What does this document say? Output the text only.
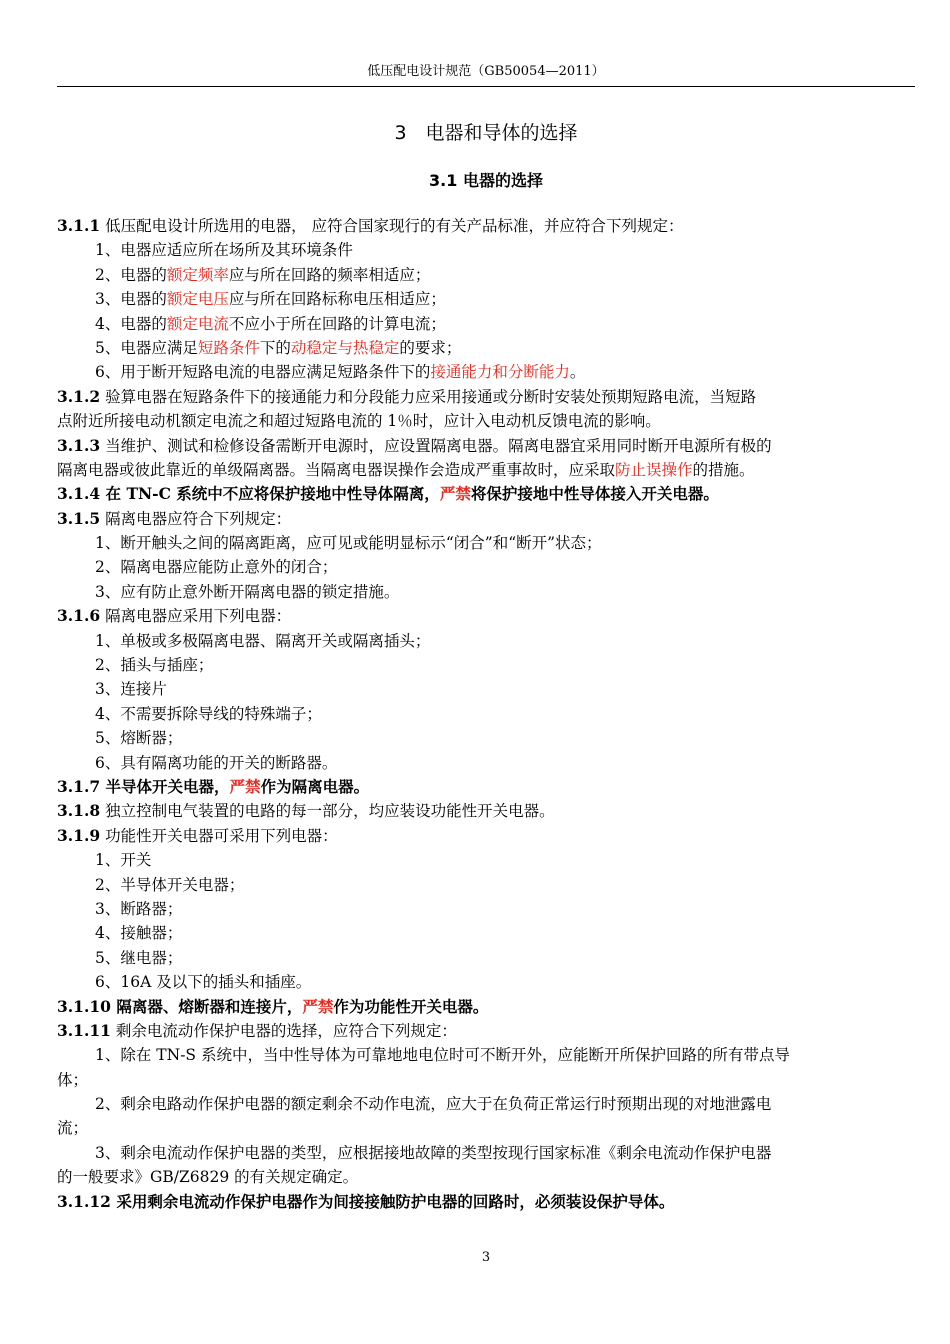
低压配电设计规范（GB50054—2011）
3　电器和导体的选择
3.1 电器的选择
3.1.1 低压配电设计所选用的电器， 应符合国家现行的有关产品标准，并应符合下列规定：
1、电器应适应所在场所及其环境条件
2、电器的额定频率应与所在回路的频率相适应；
3、电器的额定电压应与所在回路标称电压相适应；
4、电器的额定电流不应小于所在回路的计算电流；
5、电器应满足短路条件下的动稳定与热稳定的要求；
6、用于断开短路电流的电器应满足短路条件下的接通能力和分断能力。
3.1.2 验算电器在短路条件下的接通能力和分段能力应采用接通或分断时安装处预期短路电流，当短路
点附近所接电动机额定电流之和超过短路电流的 1％时，应计入电动机反馈电流的影响。
3.1.3 当维护、测试和检修设备需断开电源时，应设置隔离电器。隔离电器宜采用同时断开电源所有极的
隔离电器或彼此靠近的单级隔离器。当隔离电器误操作会造成严重事故时，应采取防止误操作的措施。
3.1.4 在 TN-C 系统中不应将保护接地中性导体隔离，严禁将保护接地中性导体接入开关电器。
3.1.5 隔离电器应符合下列规定：
1、断开触头之间的隔离距离，应可见或能明显标示“闭合”和“断开”状态；
2、隔离电器应能防止意外的闭合；
3、应有防止意外断开隔离电器的锁定措施。
3.1.6 隔离电器应采用下列电器：
1、单极或多极隔离电器、隔离开关或隔离插头；
2、插头与插座；
3、连接片
4、不需要拆除导线的特殊端子；
5、熔断器；
6、具有隔离功能的开关的断路器。
3.1.7 半导体开关电器，严禁作为隔离电器。
3.1.8 独立控制电气装置的电路的每一部分，均应装设功能性开关电器。
3.1.9 功能性开关电器可采用下列电器：
1、开关
2、半导体开关电器；
3、断路器；
4、接触器；
5、继电器；
6、16A 及以下的插头和插座。
3.1.10 隔离器、熔断器和连接片，严禁作为功能性开关电器。
3.1.11 剩余电流动作保护电器的选择，应符合下列规定：
1、除在 TN-S 系统中，当中性导体为可靠地地电位时可不断开外，应能断开所保护回路的所有带点导
体；
2、剩余电路动作保护电器的额定剩余不动作电流，应大于在负荷正常运行时预期出现的对地泄露电
流；
3、剩余电流动作保护电器的类型，应根据接地故障的类型按现行国家标准《剩余电流动作保护电器
的一般要求》GB/Z6829 的有关规定确定。
3.1.12 采用剩余电流动作保护电器作为间接接触防护电器的回路时，必须装设保护导体。
3
